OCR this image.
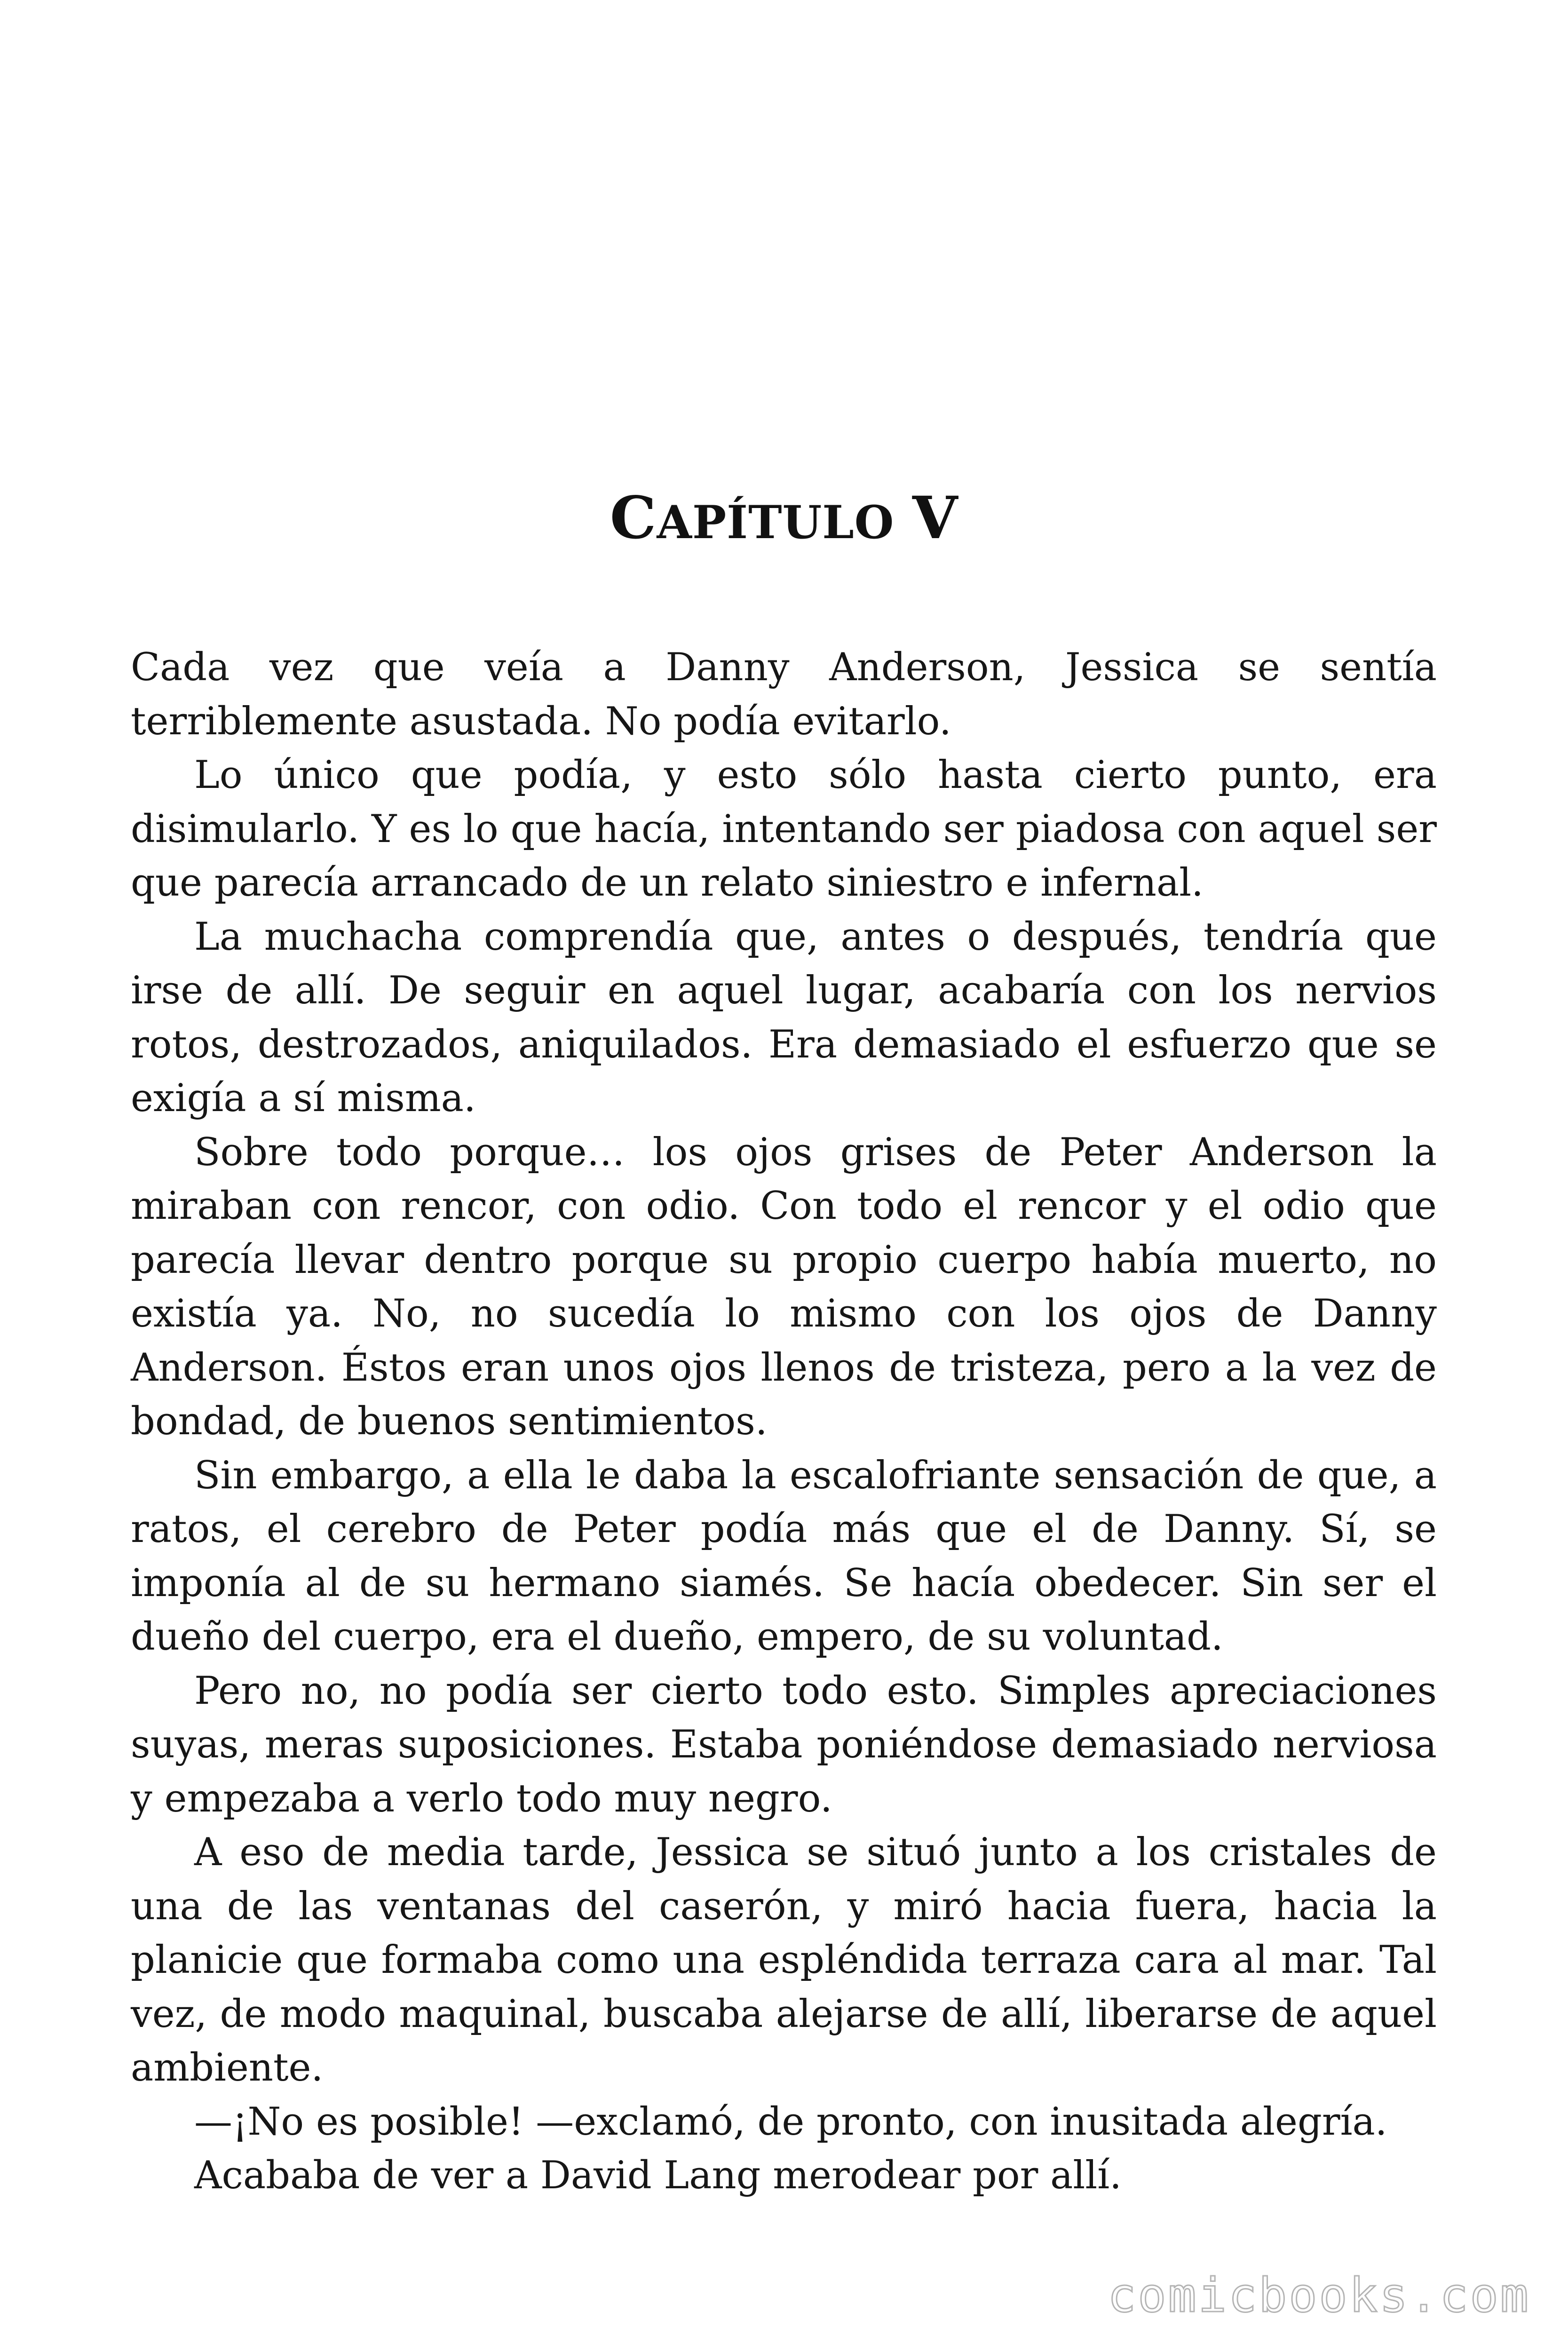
CAPÍTULO V

Cada vez que veía a Danny Anderson, Jessica se sentía terriblemente asustada. No podía evitarlo.

Lo único que podía, y esto sólo hasta cierto punto, era disimularlo. Y es lo que hacía, intentando ser piadosa con aquel ser que parecía arrancado de un relato siniestro e infernal.

La muchacha comprendía que, antes o después, tendría que irse de allí. De seguir en aquel lugar, acabaría con los nervios rotos, destrozados, aniquilados. Era demasiado el esfuerzo que se exigía a sí misma.

Sobre todo porque… los ojos grises de Peter Anderson la miraban con rencor, con odio. Con todo el rencor y el odio que parecía llevar dentro porque su propio cuerpo había muerto, no existía ya. No, no sucedía lo mismo con los ojos de Danny Anderson. Éstos eran unos ojos llenos de tristeza, pero a la vez de bondad, de buenos sentimientos.

Sin embargo, a ella le daba la escalofriante sensación de que, a ratos, el cerebro de Peter podía más que el de Danny. Sí, se imponía al de su hermano siamés. Se hacía obedecer. Sin ser el dueño del cuerpo, era el dueño, empero, de su voluntad.

Pero no, no podía ser cierto todo esto. Simples apreciaciones suyas, meras suposiciones. Estaba poniéndose demasiado nerviosa y empezaba a verlo todo muy negro.

A eso de media tarde, Jessica se situó junto a los cristales de una de las ventanas del caserón, y miró hacia fuera, hacia la planicie que formaba como una espléndida terraza cara al mar. Tal vez, de modo maquinal, buscaba alejarse de allí, liberarse de aquel ambiente.

—¡No es posible! —exclamó, de pronto, con inusitada alegría.

Acababa de ver a David Lang merodear por allí.

comicbooks.com
